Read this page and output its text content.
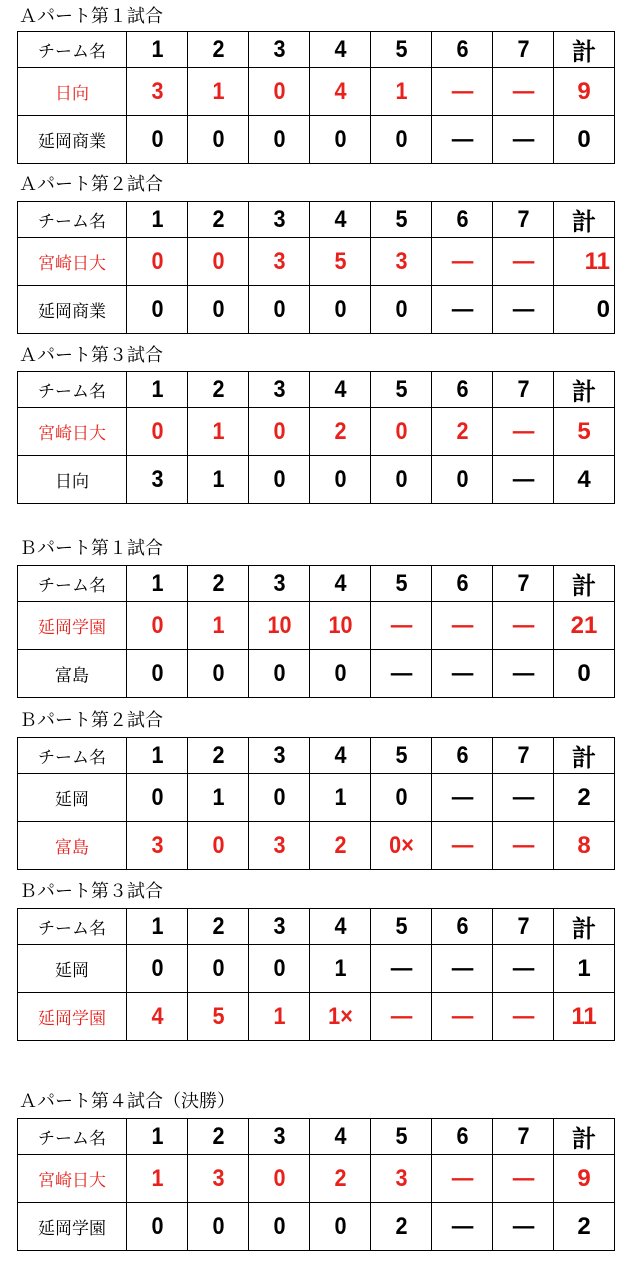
Ａパート第１試合
チーム名	1	2	3	4	5	6	7	計
日向	3	1	0	4	1	—	—	9
延岡商業	0	0	0	0	0	—	—	0
Ａパート第２試合
チーム名	1	2	3	4	5	6	7	計
宮崎日大	0	0	3	5	3	—	—	11
延岡商業	0	0	0	0	0	—	—	0
Ａパート第３試合
チーム名	1	2	3	4	5	6	7	計
宮崎日大	0	1	0	2	0	2	—	5
日向	3	1	0	0	0	0	—	4
Ｂパート第１試合
チーム名	1	2	3	4	5	6	7	計
延岡学園	0	1	10	10	—	—	—	21
富島	0	0	0	0	—	—	—	0
Ｂパート第２試合
チーム名	1	2	3	4	5	6	7	計
延岡	0	1	0	1	0	—	—	2
富島	3	0	3	2	0×	—	—	8
Ｂパート第３試合
チーム名	1	2	3	4	5	6	7	計
延岡	0	0	0	1	—	—	—	1
延岡学園	4	5	1	1×	—	—	—	11
Ａパート第４試合（決勝）
チーム名	1	2	3	4	5	6	7	計
宮崎日大	1	3	0	2	3	—	—	9
延岡学園	0	0	0	0	2	—	—	2
